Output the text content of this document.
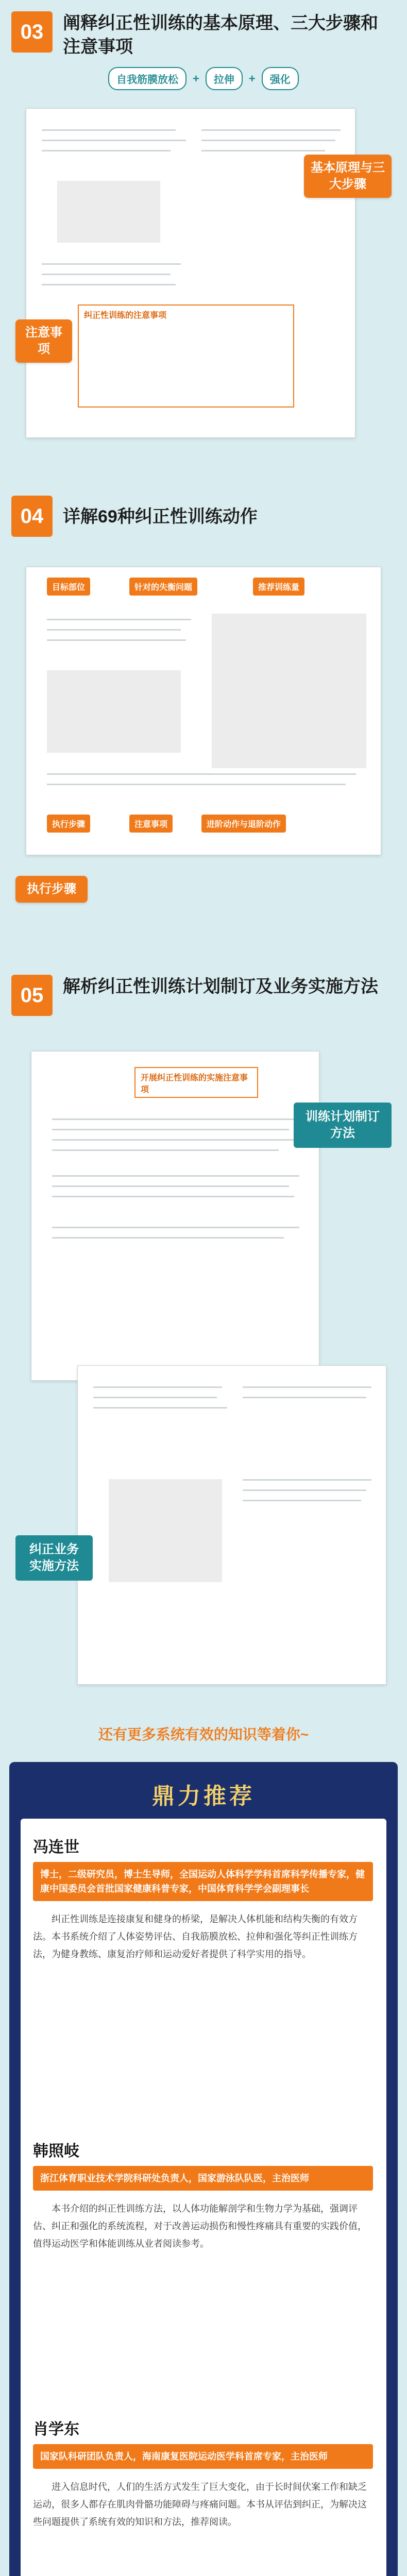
03	阐释纠正性训练的基本原理、三大步骤和注意事项
自我筋膜放松	+	拉伸	+	强化
纠正性训练的注意事项
基本原理与三大步骤
注意事项
04	详解69种纠正性训练动作
目标部位	针对的失衡问题	推荐训练量
执行步骤	注意事项	进阶动作与退阶动作
执行步骤
05	解析纠正性训练计划制订及业务实施方法
开展纠正性训练的实施注意事项
训练计划制订方法
纠正业务实施方法
还有更多系统有效的知识等着你~
鼎力推荐
冯连世
博士，二级研究员，博士生导师，全国运动人体科学学科首席科学传播专家，健康中国委员会首批国家健康科普专家，中国体育科学学会副理事长
纠正性训练是连接康复和健身的桥梁，是解决人体机能和结构失衡的有效方法。本书系统介绍了人体姿势评估、自我筋膜放松、拉伸和强化等纠正性训练方法，为健身教练、康复治疗师和运动爱好者提供了科学实用的指导。
韩照岐
浙江体育职业技术学院科研处负责人，国家游泳队队医，主治医师
本书介绍的纠正性训练方法，以人体功能解剖学和生物力学为基础，强调评估、纠正和强化的系统流程，对于改善运动损伤和慢性疼痛具有重要的实践价值，值得运动医学和体能训练从业者阅读参考。
肖学东
国家队科研团队负责人，海南康复医院运动医学科首席专家，主治医师
进入信息时代，人们的生活方式发生了巨大变化，由于长时间伏案工作和缺乏运动，很多人都存在肌肉骨骼功能障碍与疼痛问题。本书从评估到纠正，为解决这些问题提供了系统有效的知识和方法，推荐阅读。
